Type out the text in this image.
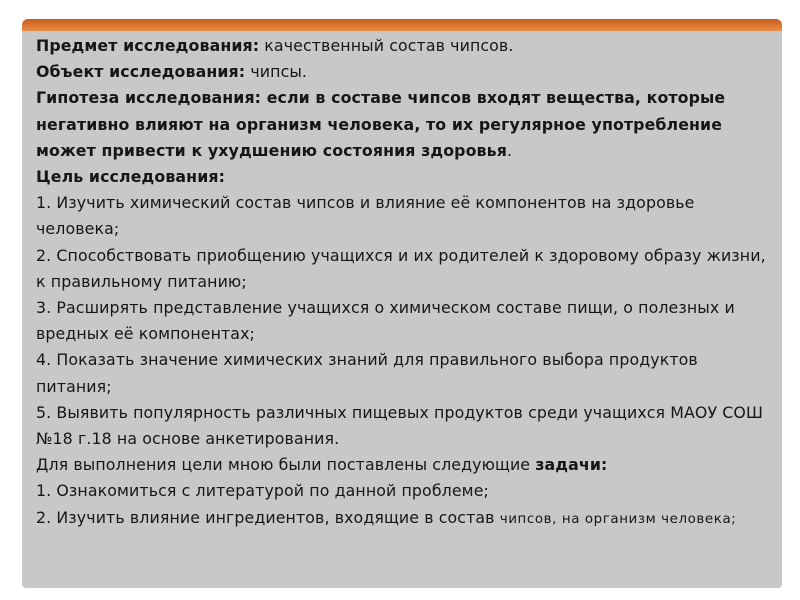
Предмет исследования: качественный состав чипсов.

Объект исследования: чипсы.

Гипотеза исследования: если в составе чипсов входят вещества, которые негативно влияют на организм человека, то их регулярное употребление может привести к ухудшению состояния здоровья.

Цель исследования:

1. Изучить химический состав чипсов и влияние её компонентов на здоровье человека;

2. Способствовать приобщению учащихся и их родителей к здоровому образу жизни, к правильному питанию;

3. Расширять представление учащихся о химическом составе пищи, о полезных и вредных её компонентах;

4. Показать значение химических знаний для правильного выбора продуктов питания;

5. Выявить популярность различных пищевых продуктов среди учащихся МАОУ СОШ №18 г.18 на основе анкетирования.

Для выполнения цели мною были поставлены следующие задачи:

1. Ознакомиться с литературой по данной проблеме;

2. Изучить влияние ингредиентов, входящие в состав чипсов, на организм человека;
